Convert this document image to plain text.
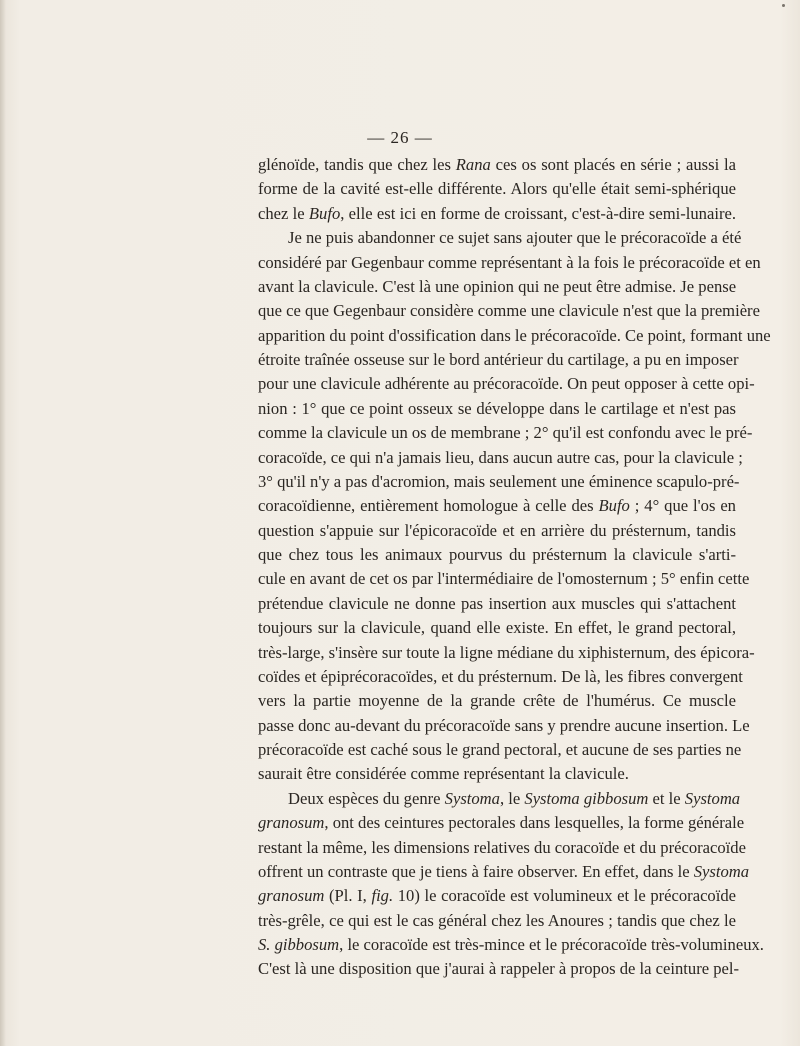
— 26 —
glénoïde, tandis que chez les Rana ces os sont placés en série ; aussi la
forme de la cavité est-elle différente. Alors qu'elle était semi-sphérique
chez le Bufo, elle est ici en forme de croissant, c'est-à-dire semi-lunaire.
Je ne puis abandonner ce sujet sans ajouter que le précoracoïde a été
considéré par Gegenbaur comme représentant à la fois le précoracoïde et en
avant la clavicule. C'est là une opinion qui ne peut être admise. Je pense
que ce que Gegenbaur considère comme une clavicule n'est que la première
apparition du point d'ossification dans le précoracoïde. Ce point, formant une
étroite traînée osseuse sur le bord antérieur du cartilage, a pu en imposer
pour une clavicule adhérente au précoracoïde. On peut opposer à cette opi-
nion : 1° que ce point osseux se développe dans le cartilage et n'est pas
comme la clavicule un os de membrane ; 2° qu'il est confondu avec le pré-
coracoïde, ce qui n'a jamais lieu, dans aucun autre cas, pour la clavicule ;
3° qu'il n'y a pas d'acromion, mais seulement une éminence scapulo-pré-
coracoïdienne, entièrement homologue à celle des Bufo ; 4° que l'os en
question s'appuie sur l'épicoracoïde et en arrière du présternum, tandis
que chez tous les animaux pourvus du présternum la clavicule s'arti-
cule en avant de cet os par l'intermédiaire de l'omosternum ; 5° enfin cette
prétendue clavicule ne donne pas insertion aux muscles qui s'attachent
toujours sur la clavicule, quand elle existe. En effet, le grand pectoral,
très-large, s'insère sur toute la ligne médiane du xiphisternum, des épicora-
coïdes et épiprécoracoïdes, et du présternum. De là, les fibres convergent
vers la partie moyenne de la grande crête de l'humérus. Ce muscle
passe donc au-devant du précoracoïde sans y prendre aucune insertion. Le
précoracoïde est caché sous le grand pectoral, et aucune de ses parties ne
saurait être considérée comme représentant la clavicule.
Deux espèces du genre Systoma, le Systoma gibbosum et le Systoma
granosum, ont des ceintures pectorales dans lesquelles, la forme générale
restant la même, les dimensions relatives du coracoïde et du précoracoïde
offrent un contraste que je tiens à faire observer. En effet, dans le Systoma
granosum (Pl. I, fig. 10) le coracoïde est volumineux et le précoracoïde
très-grêle, ce qui est le cas général chez les Anoures ; tandis que chez le
S. gibbosum, le coracoïde est très-mince et le précoracoïde très-volumineux.
C'est là une disposition que j'aurai à rappeler à propos de la ceinture pel-
